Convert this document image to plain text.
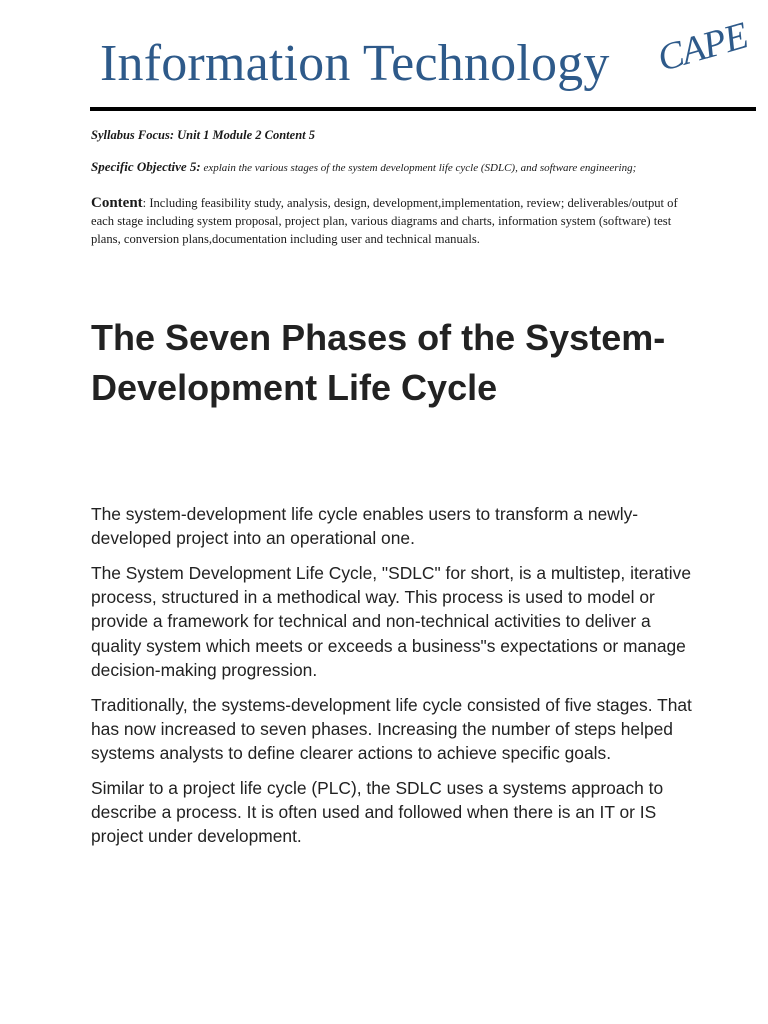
Information Technology CAPE
Syllabus Focus: Unit 1 Module 2 Content 5
Specific Objective 5: explain the various stages of the system development life cycle (SDLC), and software engineering;
Content: Including feasibility study, analysis, design, development,implementation, review; deliverables/output of each stage including system proposal, project plan, various diagrams and charts, information system (software) test plans, conversion plans,documentation including user and technical manuals.
The Seven Phases of the System-Development Life Cycle

The system-development life cycle enables users to transform a newly-developed project into an operational one.

The System Development Life Cycle, "SDLC" for short, is a multistep, iterative process, structured in a methodical way. This process is used to model or provide a framework for technical and non-technical activities to deliver a quality system which meets or exceeds a business"s expectations or manage decision-making progression.

Traditionally, the systems-development life cycle consisted of five stages. That has now increased to seven phases. Increasing the number of steps helped systems analysts to define clearer actions to achieve specific goals.

Similar to a project life cycle (PLC), the SDLC uses a systems approach to describe a process. It is often used and followed when there is an IT or IS project under development.
